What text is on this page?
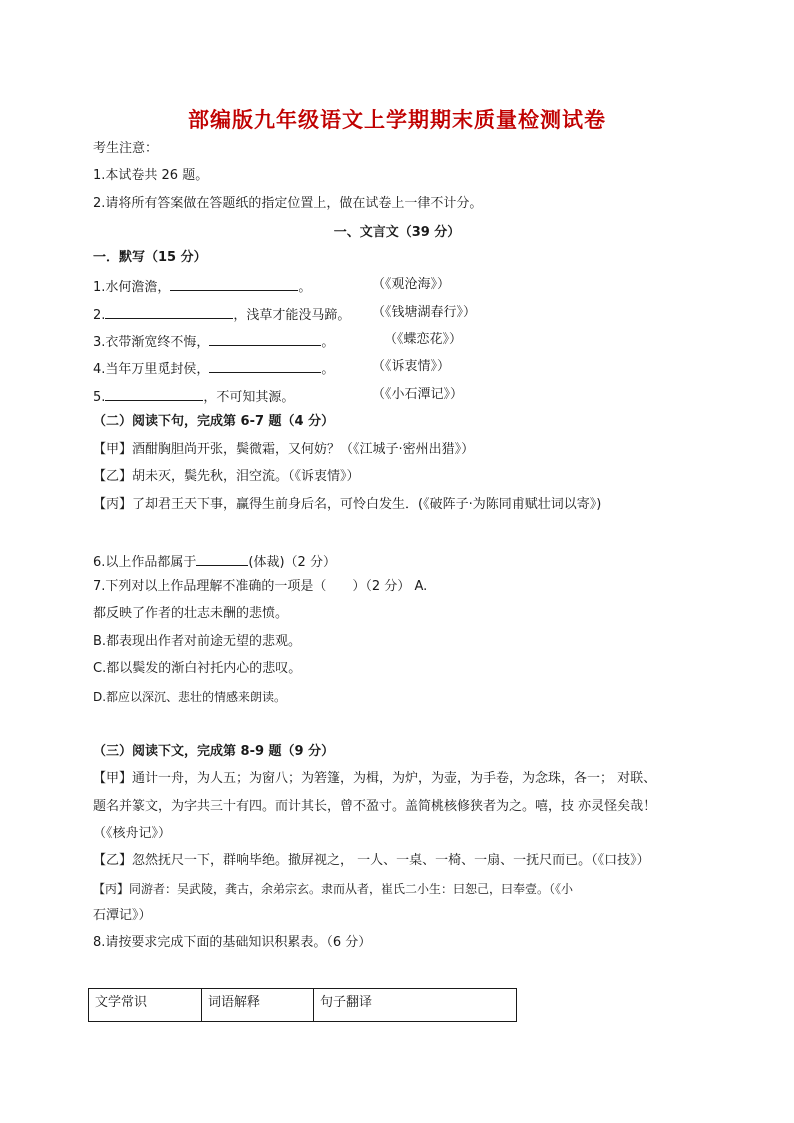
部编版九年级语文上学期期末质量检测试卷
考生注意：
1.本试卷共 26 题。
2.请将所有答案做在答题纸的指定位置上，做在试卷上一律不计分。
一、文言文（39 分）
一．默写（15 分）
1.水何澹澹，	。	（《观沧海》）
2.	，浅草才能没马蹄。 （《钱塘湖春行》）
3.衣带渐宽终不悔，	。	（《蝶恋花》）
4.当年万里觅封侯，	。	（《诉衷情》）
5.	，不可知其源。	（《小石潭记》）
（二）阅读下句，完成第 6-7 题（4 分）
【甲】酒酣胸胆尚开张，鬓微霜，又何妨？（《江城子·密州出猎》）
【乙】胡未灭，鬓先秋，泪空流。（《诉衷情》）
【丙】了却君王天下事，赢得生前身后名，可怜白发生．(《破阵子·为陈同甫赋壮词以寄》)
6.以上作品都属于	(体裁)（2 分）
7.下列对以上作品理解不准确的一项是（　　）（2 分） A.
都反映了作者的壮志未酬的悲愤。
B.都表现出作者对前途无望的悲观。
C.都以鬓发的渐白衬托内心的悲叹。
D.都应以深沉、悲壮的情感来朗读。
（三）阅读下文，完成第 8-9 题（9 分）
【甲】通计一舟，为人五；为窗八；为箬篷，为楫，为炉，为壶，为手卷，为念珠，各一； 对联、
题名并篆文，为字共三十有四。而计其长，曾不盈寸。盖简桃核修狭者为之。嘻，技 亦灵怪矣哉！
（《核舟记》）
【乙】忽然抚尺一下，群响毕绝。撤屏视之， 一人、一桌、一椅、一扇、一抚尺而已。（《口技》）
【丙】同游者：吴武陵，龚古，余弟宗玄。隶而从者，崔氏二小生：曰恕己，曰奉壹。（《小
石潭记》）
8.请按要求完成下面的基础知识积累表。（6 分）
文学常识	词语解释	句子翻译
